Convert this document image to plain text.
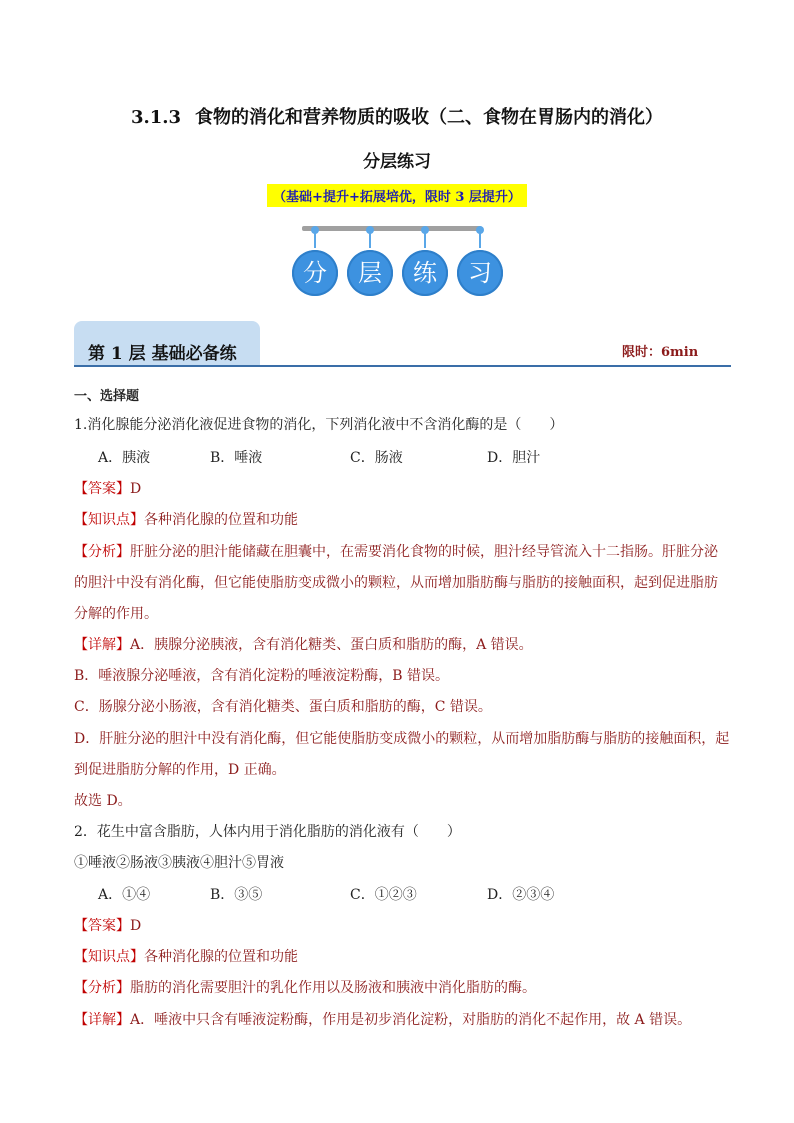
3.1.3 食物的消化和营养物质的吸收（二、食物在胃肠内的消化）
分层练习
（基础+提升+拓展培优，限时 3 层提升）
分	层	练	习
第 1 层 基础必备练	限时：6min
一、选择题
1.消化腺能分泌消化液促进食物的消化，下列消化液中不含消化酶的是（　　）
A．胰液	B．唾液	C．肠液	D．胆汁
【答案】D
【知识点】各种消化腺的位置和功能
【分析】肝脏分泌的胆汁能储藏在胆囊中，在需要消化食物的时候，胆汁经导管流入十二指肠。肝脏分泌
的胆汁中没有消化酶，但它能使脂肪变成微小的颗粒，从而增加脂肪酶与脂肪的接触面积，起到促进脂肪
分解的作用。
【详解】A．胰腺分泌胰液，含有消化糖类、蛋白质和脂肪的酶，A 错误。
B．唾液腺分泌唾液，含有消化淀粉的唾液淀粉酶，B 错误。
C．肠腺分泌小肠液，含有消化糖类、蛋白质和脂肪的酶，C 错误。
D．肝脏分泌的胆汁中没有消化酶，但它能使脂肪变成微小的颗粒，从而增加脂肪酶与脂肪的接触面积，起
到促进脂肪分解的作用，D 正确。
故选 D。
2．花生中富含脂肪，人体内用于消化脂肪的消化液有（　　）
①唾液②肠液③胰液④胆汁⑤胃液
A．①④	B．③⑤	C．①②③	D．②③④
【答案】D
【知识点】各种消化腺的位置和功能
【分析】脂肪的消化需要胆汁的乳化作用以及肠液和胰液中消化脂肪的酶。
【详解】A．唾液中只含有唾液淀粉酶，作用是初步消化淀粉，对脂肪的消化不起作用，故 A 错误。
